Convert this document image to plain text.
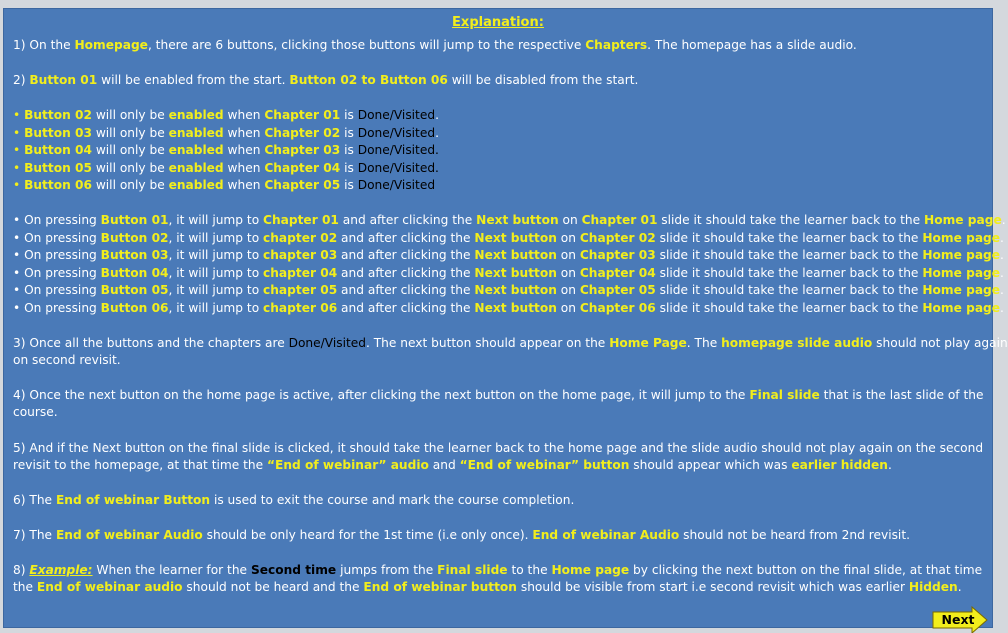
Explanation:
1) On the Homepage, there are 6 buttons, clicking those buttons will jump to the respective Chapters. The homepage has a slide audio.
2) Button 01 will be enabled from the start. Button 02 to Button 06 will be disabled from the start.
• Button 02 will only be enabled when Chapter 01 is Done/Visited.
• Button 03 will only be enabled when Chapter 02 is Done/Visited.
• Button 04 will only be enabled when Chapter 03 is Done/Visited.
• Button 05 will only be enabled when Chapter 04 is Done/Visited.
• Button 06 will only be enabled when Chapter 05 is Done/Visited
• On pressing Button 01, it will jump to Chapter 01 and after clicking the Next button on Chapter 01 slide it should take the learner back to the Home page.
• On pressing Button 02, it will jump to chapter 02 and after clicking the Next button on Chapter 02 slide it should take the learner back to the Home page.
• On pressing Button 03, it will jump to chapter 03 and after clicking the Next button on Chapter 03 slide it should take the learner back to the Home page.
• On pressing Button 04, it will jump to chapter 04 and after clicking the Next button on Chapter 04 slide it should take the learner back to the Home page.
• On pressing Button 05, it will jump to chapter 05 and after clicking the Next button on Chapter 05 slide it should take the learner back to the Home page.
• On pressing Button 06, it will jump to chapter 06 and after clicking the Next button on Chapter 06 slide it should take the learner back to the Home page.
3) Once all the buttons and the chapters are Done/Visited. The next button should appear on the Home Page. The homepage slide audio should not play again
on second revisit.
4) Once the next button on the home page is active, after clicking the next button on the home page, it will jump to the Final slide that is the last slide of the
course.
5) And if the Next button on the final slide is clicked, it should take the learner back to the home page and the slide audio should not play again on the second
revisit to the homepage, at that time the “End of webinar” audio and “End of webinar” button should appear which was earlier hidden.
6) The End of webinar Button is used to exit the course and mark the course completion.
7) The End of webinar Audio should be only heard for the 1st time (i.e only once). End of webinar Audio should not be heard from 2nd revisit.
8) Example: When the learner for the Second time jumps from the Final slide to the Home page by clicking the next button on the final slide, at that time
the End of webinar audio should not be heard and the End of webinar button should be visible from start i.e second revisit which was earlier Hidden.
Next
